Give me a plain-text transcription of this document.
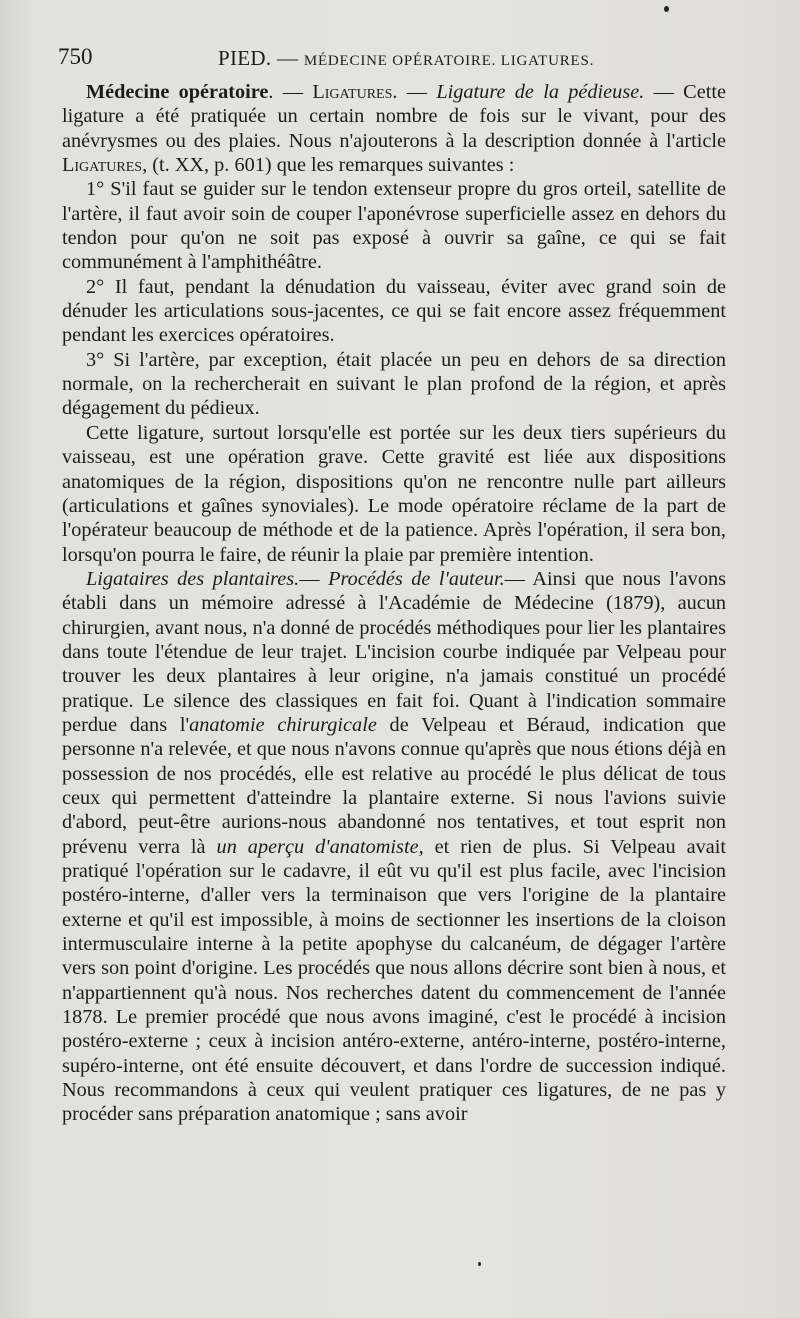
750	PIED. — MÉDECINE OPÉRATOIRE. LIGATURES.

Médecine opératoire. — Ligatures. — Ligature de la pédieuse. — Cette ligature a été pratiquée un certain nombre de fois sur le vivant, pour des anévrysmes ou des plaies. Nous n'ajouterons à la description donnée à l'article Ligatures, (t. XX, p. 601) que les remarques suivantes :

1° S'il faut se guider sur le tendon extenseur propre du gros orteil, satellite de l'artère, il faut avoir soin de couper l'aponévrose superficielle assez en dehors du tendon pour qu'on ne soit pas exposé à ouvrir sa gaîne, ce qui se fait communément à l'amphithéâtre.

2° Il faut, pendant la dénudation du vaisseau, éviter avec grand soin de dénuder les articulations sous-jacentes, ce qui se fait encore assez fréquemment pendant les exercices opératoires.

3° Si l'artère, par exception, était placée un peu en dehors de sa direction normale, on la rechercherait en suivant le plan profond de la région, et après dégagement du pédieux.

Cette ligature, surtout lorsqu'elle est portée sur les deux tiers supérieurs du vaisseau, est une opération grave. Cette gravité est liée aux dispositions anatomiques de la région, dispositions qu'on ne rencontre nulle part ailleurs (articulations et gaînes synoviales). Le mode opératoire réclame de la part de l'opérateur beaucoup de méthode et de la patience. Après l'opération, il sera bon, lorsqu'on pourra le faire, de réunir la plaie par première intention.

Ligataires des plantaires.— Procédés de l'auteur.— Ainsi que nous l'avons établi dans un mémoire adressé à l'Académie de Médecine (1879), aucun chirurgien, avant nous, n'a donné de procédés méthodiques pour lier les plantaires dans toute l'étendue de leur trajet. L'incision courbe indiquée par Velpeau pour trouver les deux plantaires à leur origine, n'a jamais constitué un procédé pratique. Le silence des classiques en fait foi. Quant à l'indication sommaire perdue dans l'anatomie chirurgicale de Velpeau et Béraud, indication que personne n'a relevée, et que nous n'avons connue qu'après que nous étions déjà en possession de nos procédés, elle est relative au procédé le plus délicat de tous ceux qui permettent d'atteindre la plantaire externe. Si nous l'avions suivie d'abord, peut-être aurions-nous abandonné nos tentatives, et tout esprit non prévenu verra là un aperçu d'anatomiste, et rien de plus. Si Velpeau avait pratiqué l'opération sur le cadavre, il eût vu qu'il est plus facile, avec l'incision postéro-interne, d'aller vers la terminaison que vers l'origine de la plantaire externe et qu'il est impossible, à moins de sectionner les insertions de la cloison intermusculaire interne à la petite apophyse du calcanéum, de dégager l'artère vers son point d'origine. Les procédés que nous allons décrire sont bien à nous, et n'appartiennent qu'à nous. Nos recherches datent du commencement de l'année 1878. Le premier procédé que nous avons imaginé, c'est le procédé à incision postéro-externe ; ceux à incision antéro-externe, antéro-interne, postéro-interne, supéro-interne, ont été ensuite découvert, et dans l'ordre de succession indiqué. Nous recommandons à ceux qui veulent pratiquer ces ligatures, de ne pas y procéder sans préparation anatomique ; sans avoir
